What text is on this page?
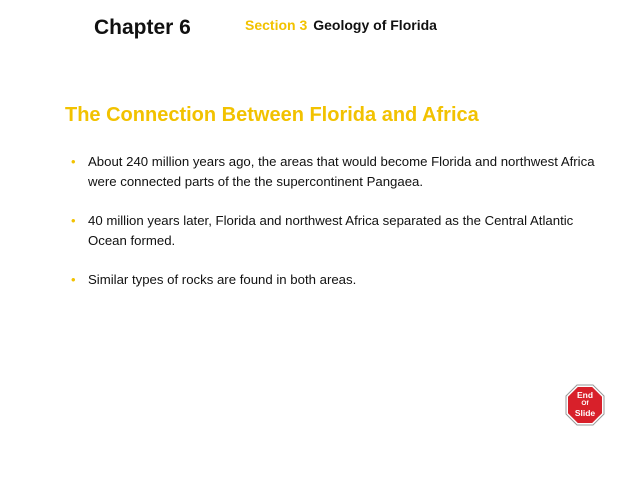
Chapter 6	Section 3 Geology of Florida
The Connection Between Florida and Africa
• About 240 million years ago, the areas that would become Florida and northwest Africa were connected parts of the the supercontinent Pangaea.
• 40 million years later, Florida and northwest Africa separated as the Central Atlantic Ocean formed.
• Similar types of rocks are found in both areas.
End
Of
Slide
